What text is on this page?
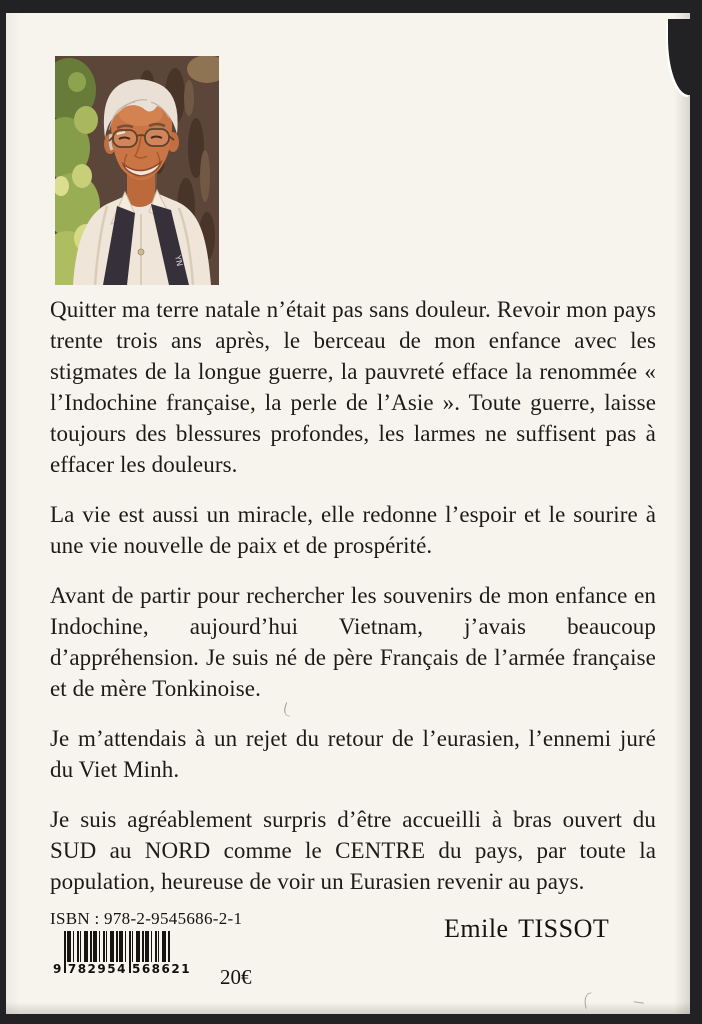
YN

Quitter ma terre natale n’était pas sans douleur. Revoir mon pays trente trois ans après, le berceau de mon enfance avec les stigmates de la longue guerre, la pauvreté efface la renommée « l’Indochine française, la perle de l’Asie ». Toute guerre, laisse toujours des blessures profondes, les larmes ne suffisent pas à effacer les douleurs.

La vie est aussi un miracle, elle redonne l’espoir et le sourire à une vie nouvelle de paix et de prospérité.

Avant de partir pour rechercher les souvenirs de mon enfance en Indochine, aujourd’hui Vietnam, j’avais beaucoup d’appréhension. Je suis né de père Français de l’armée française et de mère Tonkinoise.

Je m’attendais à un rejet du retour de l’eurasien, l’ennemi juré du Viet Minh.

Je suis agréablement surpris d’être accueilli à bras ouvert du SUD au NORD comme le CENTRE du pays, par toute la population, heureuse de voir un Eurasien revenir au pays.

ISBN : 978-2-9545686-2-1
9 782954 568621 20€
Emile TISSOT
